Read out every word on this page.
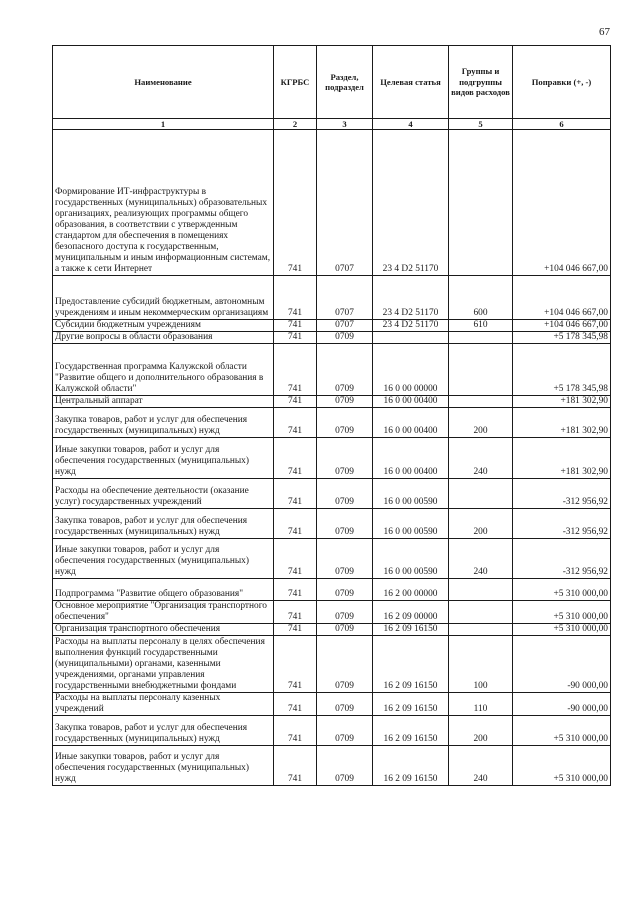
67
Наименование	КГРБС	Раздел, подраздел	Целевая статья	Группы и подгруппы видов расходов	Поправки (+, -)
1	2	3	4	5	6
Формирование ИТ-инфраструктуры в государственных (муниципальных) образовательных организациях, реализующих программы общего образования, в соответствии с утвержденным стандартом для обеспечения в помещениях безопасного доступа к государственным, муниципальным и иным информационным системам, а также к сети Интернет	741	0707	23 4 D2 51170		+104 046 667,00
Предоставление субсидий бюджетным, автономным учреждениям и иным некоммерческим организациям	741	0707	23 4 D2 51170	600	+104 046 667,00
Субсидии бюджетным учреждениям	741	0707	23 4 D2 51170	610	+104 046 667,00
Другие вопросы в области образования	741	0709			+5 178 345,98
Государственная программа Калужской области "Развитие общего и дополнительного образования в Калужской области"	741	0709	16 0 00 00000		+5 178 345,98
Центральный аппарат	741	0709	16 0 00 00400		+181 302,90
Закупка товаров, работ и услуг для обеспечения государственных (муниципальных) нужд	741	0709	16 0 00 00400	200	+181 302,90
Иные закупки товаров, работ и услуг для обеспечения государственных (муниципальных) нужд	741	0709	16 0 00 00400	240	+181 302,90
Расходы на обеспечение деятельности (оказание услуг) государственных учреждений	741	0709	16 0 00 00590		-312 956,92
Закупка товаров, работ и услуг для обеспечения государственных (муниципальных) нужд	741	0709	16 0 00 00590	200	-312 956,92
Иные закупки товаров, работ и услуг для обеспечения государственных (муниципальных) нужд	741	0709	16 0 00 00590	240	-312 956,92
Подпрограмма "Развитие общего образования"	741	0709	16 2 00 00000		+5 310 000,00
Основное мероприятие "Организация транспортного обеспечения"	741	0709	16 2 09 00000		+5 310 000,00
Организация транспортного обеспечения	741	0709	16 2 09 16150		+5 310 000,00
Расходы на выплаты персоналу в целях обеспечения выполнения функций государственными (муниципальными) органами, казенными учреждениями, органами управления государственными внебюджетными фондами	741	0709	16 2 09 16150	100	-90 000,00
Расходы на выплаты персоналу казенных учреждений	741	0709	16 2 09 16150	110	-90 000,00
Закупка товаров, работ и услуг для обеспечения государственных (муниципальных) нужд	741	0709	16 2 09 16150	200	+5 310 000,00
Иные закупки товаров, работ и услуг для обеспечения государственных (муниципальных) нужд	741	0709	16 2 09 16150	240	+5 310 000,00
